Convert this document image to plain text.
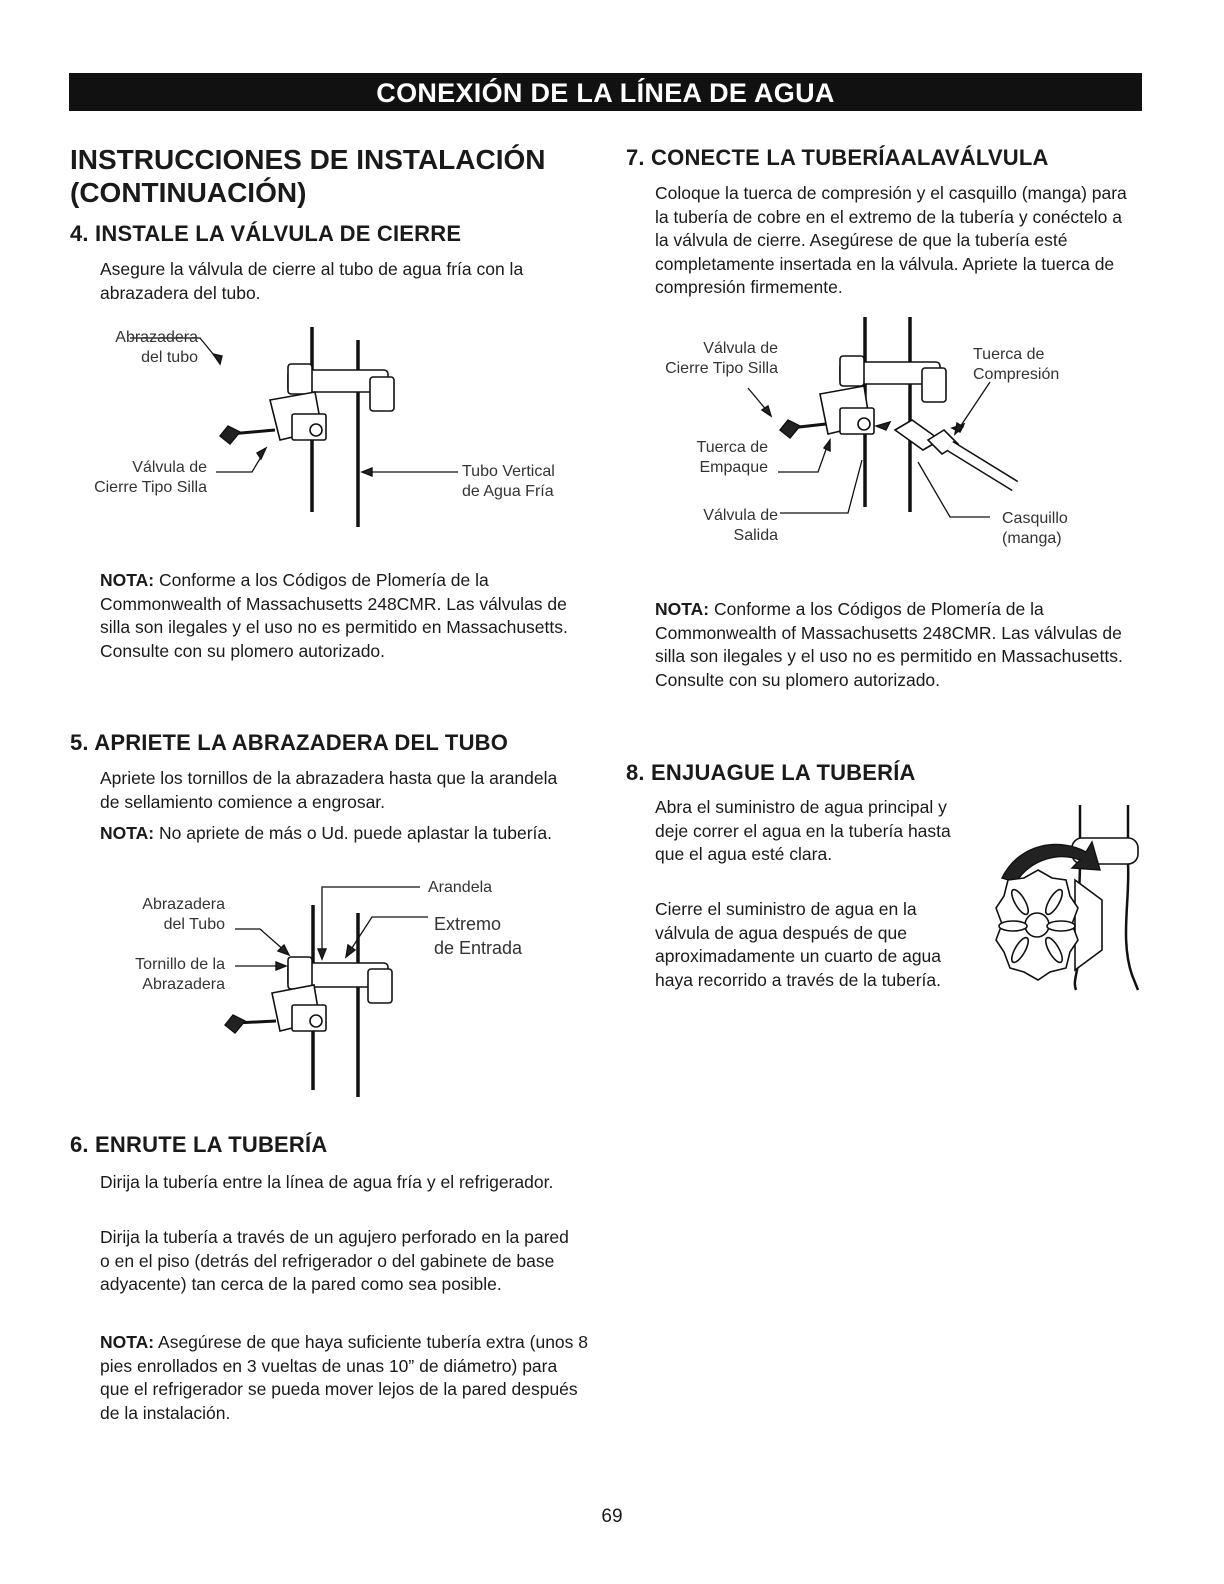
CONEXIÓN DE LA LÍNEA DE AGUA
INSTRUCCIONES DE INSTALACIÓN
(CONTINUACIÓN)
4. INSTALE LA VÁLVULA DE CIERRE

Asegure la válvula de cierre al tubo de agua fría con la abrazadera del tubo.

Abrazadera
del tubo
Válvula de
Cierre Tipo Silla
Tubo Vertical
de Agua Fría

NOTA: Conforme a los Códigos de Plomería de la Commonwealth of Massachusetts 248CMR. Las válvulas de silla son ilegales y el uso no es permitido en Massachusetts. Consulte con su plomero autorizado.

5. APRIETE LA ABRAZADERA DEL TUBO

Apriete los tornillos de la abrazadera hasta que la arandela de sellamiento comience a engrosar.

NOTA: No apriete de más o Ud. puede aplastar la tubería.

Arandela
Abrazadera
del Tubo
Tornillo de la
Abrazadera
Extremo
de Entrada
6. ENRUTE LA TUBERÍA

Dirija la tubería entre la línea de agua fría y el refrigerador.

Dirija la tubería a través de un agujero perforado en la pared o en el piso (detrás del refrigerador o del gabinete de base adyacente) tan cerca de la pared como sea posible.

NOTA: Asegúrese de que haya suficiente tubería extra (unos 8 pies enrollados en 3 vueltas de unas 10” de diámetro) para que el refrigerador se pueda mover lejos de la pared después de la instalación.

7. CONECTE LA TUBERÍAALAVÁLVULA

Coloque la tuerca de compresión y el casquillo (manga) para la tubería de cobre en el extremo de la tubería y conéctelo a la válvula de cierre. Asegúrese de que la tubería esté completamente insertada en la válvula. Apriete la tuerca de compresión firmemente.

Válvula de
Cierre Tipo Silla
Tuerca de
Compresión
Tuerca de
Empaque
Válvula de
Salida
Casquillo
(manga)

NOTA: Conforme a los Códigos de Plomería de la Commonwealth of Massachusetts 248CMR. Las válvulas de silla son ilegales y el uso no es permitido en Massachusetts. Consulte con su plomero autorizado.

8. ENJUAGUE LA TUBERÍA

Abra el suministro de agua principal y deje correr el agua en la tubería hasta que el agua esté clara.

Cierre el suministro de agua en la válvula de agua después de que aproximadamente un cuarto de agua haya recorrido a través de la tubería.

69
